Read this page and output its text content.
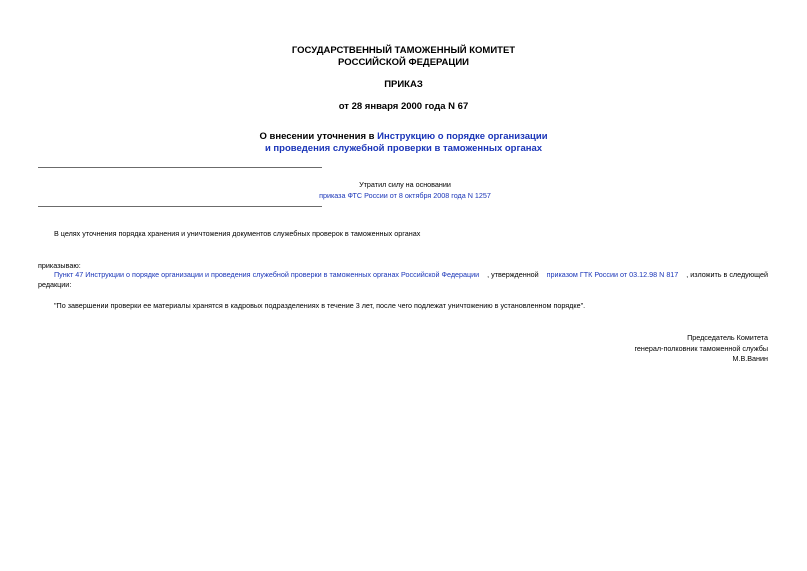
ГОСУДАРСТВЕННЫЙ ТАМОЖЕННЫЙ КОМИТЕТ
РОССИЙСКОЙ ФЕДЕРАЦИИ
ПРИКАЗ
от 28 января 2000 года N 67
О внесении уточнения в Инструкцию о порядке организации
и проведения служебной проверки в таможенных органах
Утратил силу на основании
приказа ФТС России от 8 октября 2008 года N 1257
В целях уточнения порядка хранения и уничтожения документов служебных проверок в таможенных органах
приказываю:
Пункт 47 Инструкции о порядке организации и проведения служебной проверки в таможенных органах Российской Федерации , утвержденной приказом ГТК России от 03.12.98 N 817 , изложить в следующей
редакции:
"По завершении проверки ее материалы хранятся в кадровых подразделениях в течение 3 лет, после чего подлежат уничтожению в установленном порядке".
Председатель Комитета
генерал-полковник таможенной службы
М.В.Ванин
